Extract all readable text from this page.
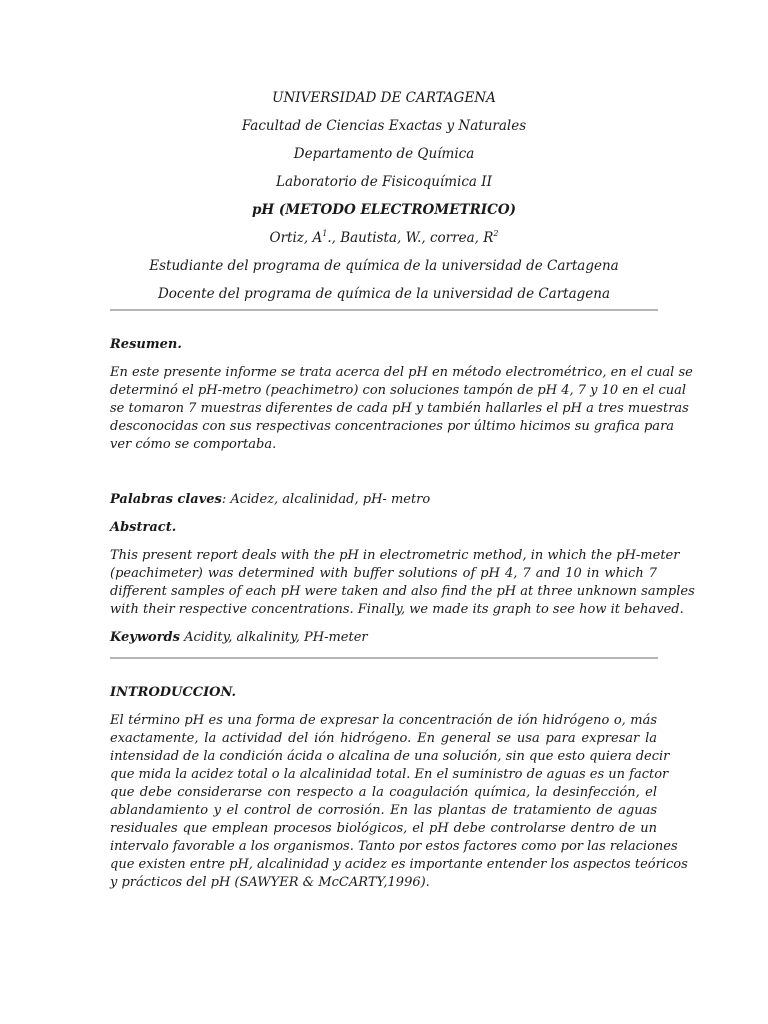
UNIVERSIDAD DE CARTAGENA

Facultad de Ciencias Exactas y Naturales

Departamento de Química

Laboratorio de Fisicoquímica II

pH (METODO ELECTROMETRICO)

Ortiz, $A^1$., Bautista, W., correa, $R^2$

Estudiante del programa de química de la universidad de Cartagena

Docente del programa de química de la universidad de Cartagena

Resumen.
En este presente informe se trata acerca del pH en método electrométrico, en el cual se
determinó el pH-metro (peachimetro) con soluciones tampón de pH 4, 7 y 10 en el cual
se tomaron 7 muestras diferentes de cada pH y también hallarles el pH a tres muestras
desconocidas con sus respectivas concentraciones por último hicimos su grafica para
ver cómo se comportaba.
Palabras claves: Acidez, alcalinidad, pH- metro
Abstract.
This present report deals with the pH in electrometric method, in which the pH-meter
(peachimeter) was determined with buffer solutions of pH 4, 7 and 10 in which 7
different samples of each pH were taken and also find the pH at three unknown samples
with their respective concentrations. Finally, we made its graph to see how it behaved.
Keywords Acidity, alkalinity, PH-meter
INTRODUCCION.
El término pH es una forma de expresar la concentración de ión hidrógeno o, más
exactamente, la actividad del ión hidrógeno. En general se usa para expresar la
intensidad de la condición ácida o alcalina de una solución, sin que esto quiera decir
que mida la acidez total o la alcalinidad total. En el suministro de aguas es un factor
que debe considerarse con respecto a la coagulación química, la desinfección, el
ablandamiento y el control de corrosión. En las plantas de tratamiento de aguas
residuales que emplean procesos biológicos, el pH debe controlarse dentro de un
intervalo favorable a los organismos. Tanto por estos factores como por las relaciones
que existen entre pH, alcalinidad y acidez es importante entender los aspectos teóricos
y prácticos del pH (SAWYER & McCARTY,1996).
